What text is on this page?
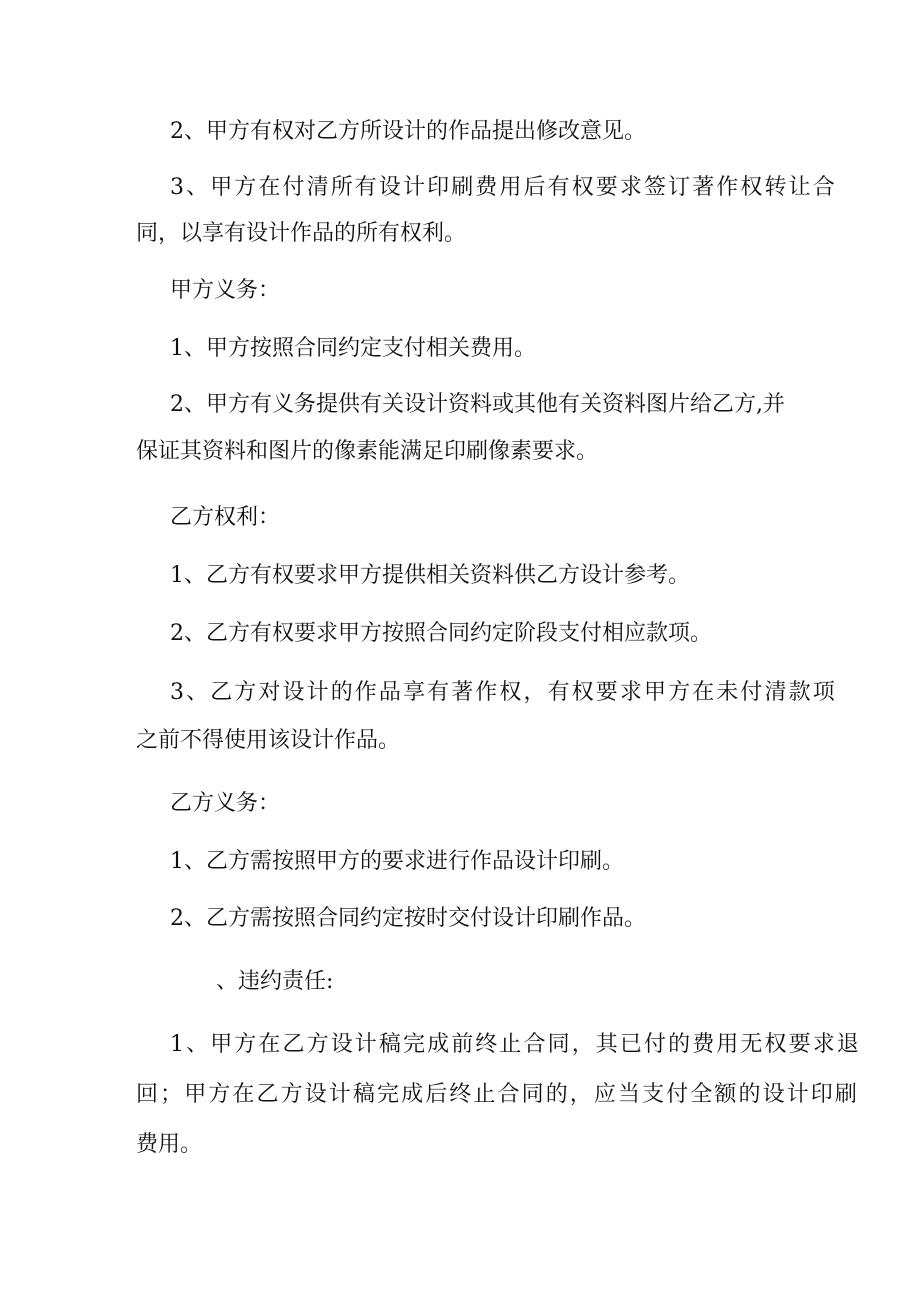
2、甲方有权对乙方所设计的作品提出修改意见。

3、甲方在付清所有设计印刷费用后有权要求签订著作权转让合

同，以享有设计作品的所有权利。

甲方义务：

1、甲方按照合同约定支付相关费用。

2、甲方有义务提供有关设计资料或其他有关资料图片给乙方,并

保证其资料和图片的像素能满足印刷像素要求。

乙方权利：

1、乙方有权要求甲方提供相关资料供乙方设计参考。

2、乙方有权要求甲方按照合同约定阶段支付相应款项。

3、乙方对设计的作品享有著作权，有权要求甲方在未付清款项

之前不得使用该设计作品。

乙方义务：

1、乙方需按照甲方的要求进行作品设计印刷。

2、乙方需按照合同约定按时交付设计印刷作品。

、违约责任:

1、甲方在乙方设计稿完成前终止合同，其已付的费用无权要求退

回；甲方在乙方设计稿完成后终止合同的，应当支付全额的设计印刷

费用。
